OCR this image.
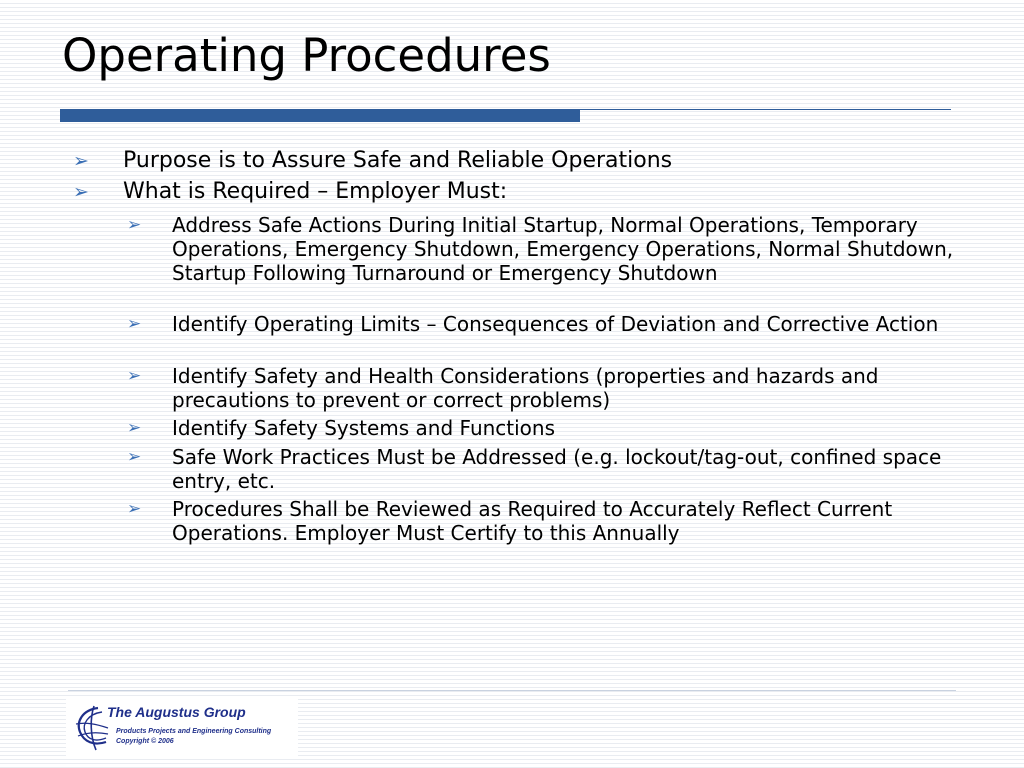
Operating Procedures
➢ Purpose is to Assure Safe and Reliable Operations
➢ What is Required – Employer Must:
➢ Address Safe Actions During Initial Startup, Normal Operations, Temporary Operations, Emergency Shutdown, Emergency Operations, Normal Shutdown, Startup Following Turnaround or Emergency Shutdown
➢ Identify Operating Limits – Consequences of Deviation and Corrective Action
➢ Identify Safety and Health Considerations (properties and hazards and precautions to prevent or correct problems)
➢ Identify Safety Systems and Functions
➢ Safe Work Practices Must be Addressed (e.g. lockout/tag-out, confined space entry, etc.
➢ Procedures Shall be Reviewed as Required to Accurately Reflect Current Operations. Employer Must Certify to this Annually
The Augustus Group
Products Projects and Engineering Consulting
Copyright © 2006
